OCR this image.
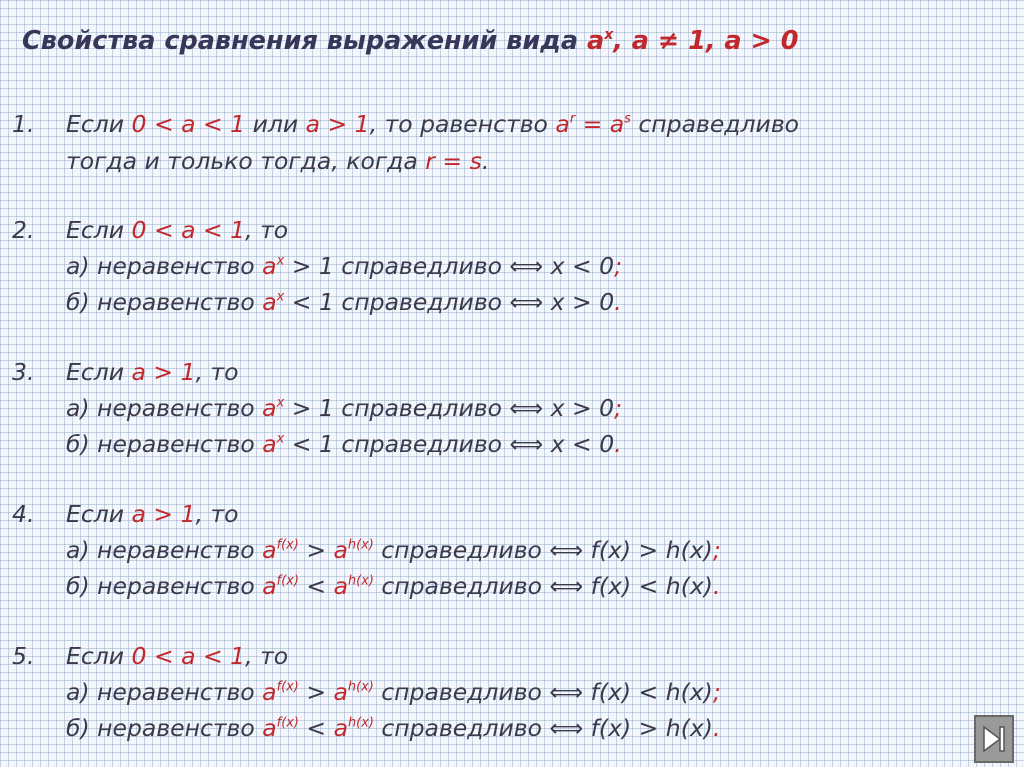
Свойства сравнения выражений вида $a^x$, a ≠ 1, a > 0
1. Если 0 < a < 1 или a > 1, то равенство $a^r = a^s$ справедливо
тогда и только тогда, когда r = s.
2. Если 0 < a < 1, то
а) неравенство $a^x > 1$ справедливо ⟺ x < 0;
б) неравенство $a^x < 1$ справедливо ⟺ x > 0.
3. Если a > 1, то
а) неравенство $a^x > 1$ справедливо ⟺ x > 0;
б) неравенство $a^x < 1$ справедливо ⟺ x < 0.
4. Если a > 1, то
а) неравенство $a^{f(x)} > a^{h(x)}$ справедливо ⟺ f(x) > h(x);
б) неравенство $a^{f(x)} < a^{h(x)}$ справедливо ⟺ f(x) < h(x).
5. Если 0 < a < 1, то
а) неравенство $a^{f(x)} > a^{h(x)}$ справедливо ⟺ f(x) < h(x);
б) неравенство $a^{f(x)} < a^{h(x)}$ справедливо ⟺ f(x) > h(x).
